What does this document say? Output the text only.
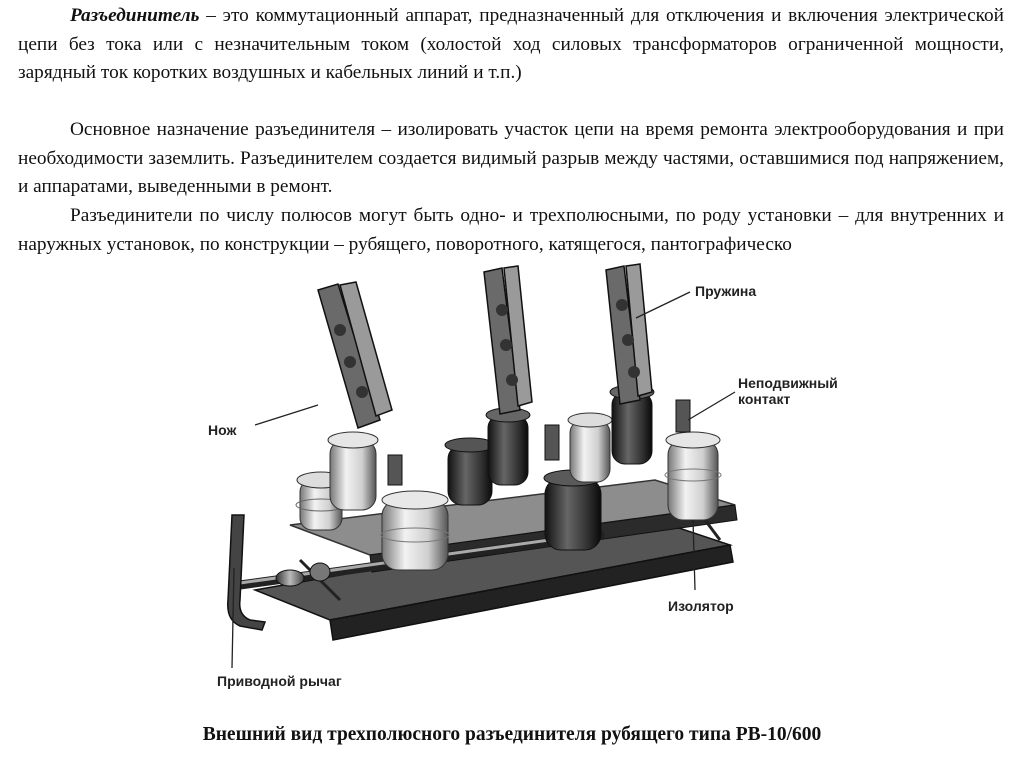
Разъединитель – это коммутационный аппарат, предназначенный для отключения и включения электрической цепи без тока или с незначительным током (холостой ход силовых трансформаторов ограниченной мощности, зарядный ток коротких воздушных и кабельных линий и т.п.)

Основное назначение разъединителя – изолировать участок цепи на время ремонта электрооборудования и при необходимости заземлить. Разъединителем создается видимый разрыв между частями, оставшимися под напряжением, и аппаратами, выведенными в ремонт.

Разъединители по числу полюсов могут быть одно- и трехполюсными, по роду установки – для внутренних и наружных установок, по конструкции – рубящего, поворотного, катящегося, пантографическо

Пружина
Неподвижный
контакт
Нож
Изолятор
Приводной рычаг
Внешний вид трехполюсного разъединителя рубящего типа РВ-10/600
